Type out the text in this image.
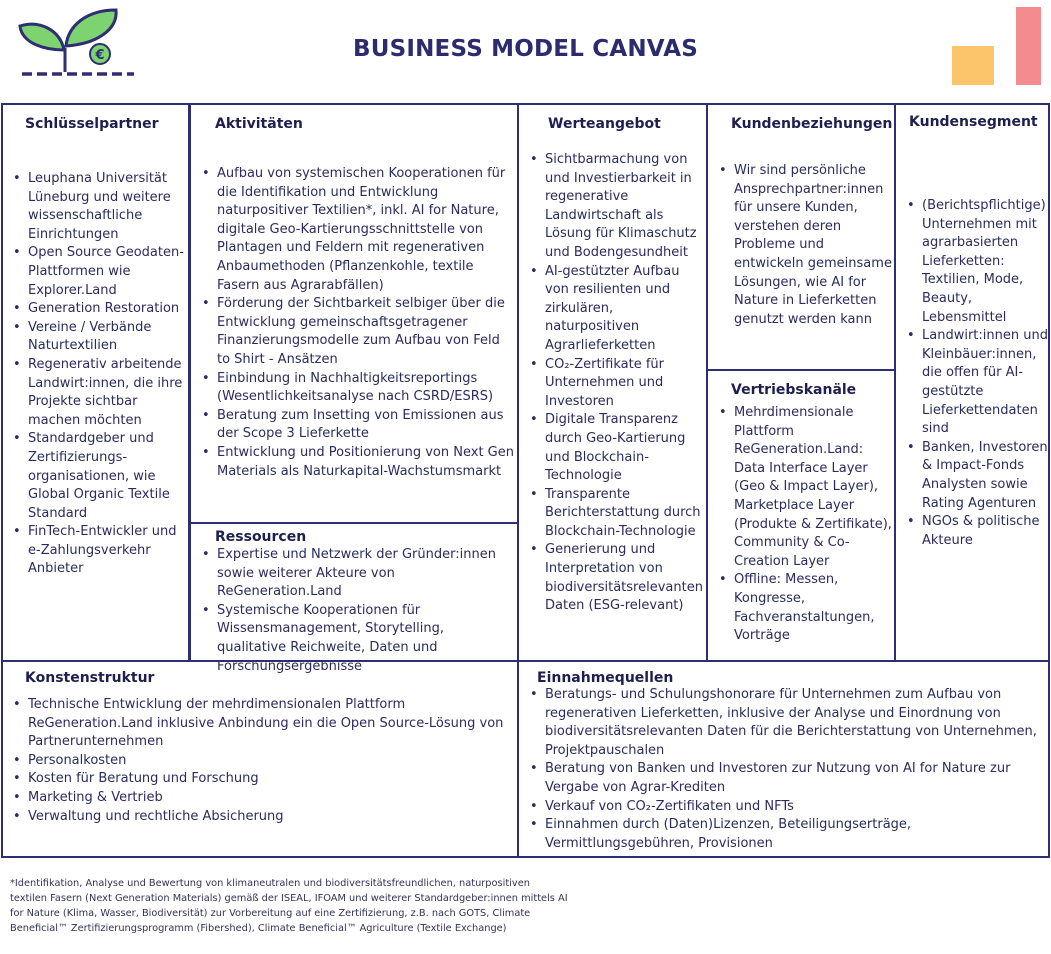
€	BUSINESS MODEL CANVAS
Schlüsselpartner
• Leuphana Universität Lüneburg und weitere wissenschaftliche Einrichtungen
• Open Source Geodaten-Plattformen wie Explorer.Land
• Generation Restoration
• Vereine / Verbände Naturtextilien
• Regenerativ arbeitende Landwirt:innen, die ihre Projekte sichtbar machen möchten
• Standardgeber und Zertifizierungs-organisationen, wie Global Organic Textile Standard
• FinTech-Entwickler und e-Zahlungsverkehr Anbieter
Aktivitäten
• Aufbau von systemischen Kooperationen für die Identifikation und Entwicklung naturpositiver Textilien*, inkl. AI for Nature, digitale Geo-Kartierungsschnittstelle von Plantagen und Feldern mit regenerativen Anbaumethoden (Pflanzenkohle, textile Fasern aus Agrarabfällen)
• Förderung der Sichtbarkeit selbiger über die Entwicklung gemeinschaftsgetragener Finanzierungsmodelle zum Aufbau von Feld to Shirt - Ansätzen
• Einbindung in Nachhaltigkeitsreportings (Wesentlichkeitsanalyse nach CSRD/ESRS)
• Beratung zum Insetting von Emissionen aus der Scope 3 Lieferkette
• Entwicklung und Positionierung von Next Gen Materials als Naturkapital-Wachstumsmarkt
Ressourcen
• Expertise und Netzwerk der Gründer:innen sowie weiterer Akteure von ReGeneration.Land
• Systemische Kooperationen für Wissensmanagement, Storytelling, qualitative Reichweite, Daten und Forschungsergebnisse
Werteangebot
• Sichtbarmachung von und Investierbarkeit in regenerative Landwirtschaft als Lösung für Klimaschutz und Bodengesundheit
• AI-gestützter Aufbau von resilienten und zirkulären, naturpositiven Agrarlieferketten
• CO₂-Zertifikate für Unternehmen und Investoren
• Digitale Transparenz durch Geo-Kartierung und Blockchain-Technologie
• Transparente Berichterstattung durch Blockchain-Technologie
• Generierung und Interpretation von biodiversitätsrelevanten Daten (ESG-relevant)
Kundenbeziehungen
• Wir sind persönliche Ansprechpartner:innen für unsere Kunden, verstehen deren Probleme und entwickeln gemeinsame Lösungen, wie AI for Nature in Lieferketten genutzt werden kann
Vertriebskanäle
• Mehrdimensionale Plattform ReGeneration.Land: Data Interface Layer (Geo & Impact Layer), Marketplace Layer (Produkte & Zertifikate), Community & Co-Creation Layer
• Offline: Messen, Kongresse, Fachveranstaltungen, Vorträge
Kundensegment
• (Berichtspflichtige) Unternehmen mit agrarbasierten Lieferketten: Textilien, Mode, Beauty, Lebensmittel
• Landwirt:innen und Kleinbäuer:innen, die offen für AI-gestützte Lieferkettendaten sind
• Banken, Investoren & Impact-Fonds Analysten sowie Rating Agenturen
• NGOs & politische Akteure
Konstenstruktur
• Technische Entwicklung der mehrdimensionalen Plattform ReGeneration.Land inklusive Anbindung ein die Open Source-Lösung von Partnerunternehmen
• Personalkosten
• Kosten für Beratung und Forschung
• Marketing & Vertrieb
• Verwaltung und rechtliche Absicherung
Einnahmequellen
• Beratungs- und Schulungshonorare für Unternehmen zum Aufbau von regenerativen Lieferketten, inklusive der Analyse und Einordnung von biodiversitätsrelevanten Daten für die Berichterstattung von Unternehmen, Projektpauschalen
• Beratung von Banken und Investoren zur Nutzung von AI for Nature zur Vergabe von Agrar-Krediten
• Verkauf von CO₂-Zertifikaten und NFTs
• Einnahmen durch (Daten)Lizenzen, Beteiligungserträge, Vermittlungsgebühren, Provisionen
*Identifikation, Analyse und Bewertung von klimaneutralen und biodiversitätsfreundlichen, naturpositiven textilen Fasern (Next Generation Materials) gemäß der ISEAL, IFOAM und weiterer Standardgeber:innen mittels AI for Nature (Klima, Wasser, Biodiversität) zur Vorbereitung auf eine Zertifizierung, z.B. nach GOTS, Climate Beneficial™ Zertifizierungsprogramm (Fibershed), Climate Beneficial™ Agriculture (Textile Exchange)
